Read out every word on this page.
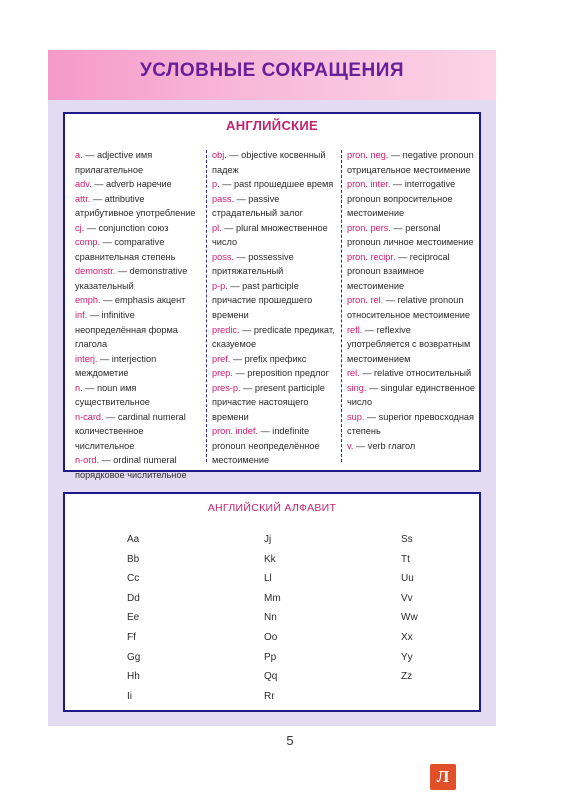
УСЛОВНЫЕ СОКРАЩЕНИЯ
АНГЛИЙСКИЕ
a. — adjective имя прилагательное
adv. — adverb наречие
attr. — attributive атрибутивное употребление
cj. — conjunction союз
comp. — comparative сравнительная степень
demonstr. — demonstrative указательный
emph. — emphasis акцент
inf. — infinitive неопределённая форма глагола
interj. — interjection междометие
n. — noun имя существительное
n-card. — cardinal numeral количественное числительное
n-ord. — ordinal numeral порядковое числительное
obj. — objective косвенный падеж
p. — past прошедшее время
pass. — passive страдательный залог
pl. — plural множественное число
poss. — possessive притяжательный
p-p. — past participle причастие прошедшего времени
predic. — predicate предикат, сказуемое
pref. — prefix префикс
prep. — preposition предлог
pres-p. — present participle причастие настоящего времени
pron. indef. — indefinite pronoun неопределённое местоимение
pron. neg. — negative pronoun отрицательное местоимение
pron. inter. — interrogative pronoun вопросительное местоимение
pron. pers. — personal pronoun личное местоимение
pron. recipr. — reciprocal pronoun взаимное местоимение
pron. rel. — relative pronoun относительное местоимение
refl. — reflexive употребляется с возвратным местоимением
rel. — relative относительный
sing. — singular единственное число
sup. — superior превосходная степень
v. — verb глагол
АНГЛИЙСКИЙ АЛФАВИТ
Aa
Bb
Cc
Dd
Ee
Ff
Gg
Hh
Ii
Jj
Kk
Ll
Mm
Nn
Oo
Pp
Qq
Rr
Ss
Tt
Uu
Vv
Ww
Xx
Yy
Zz
5
Л
